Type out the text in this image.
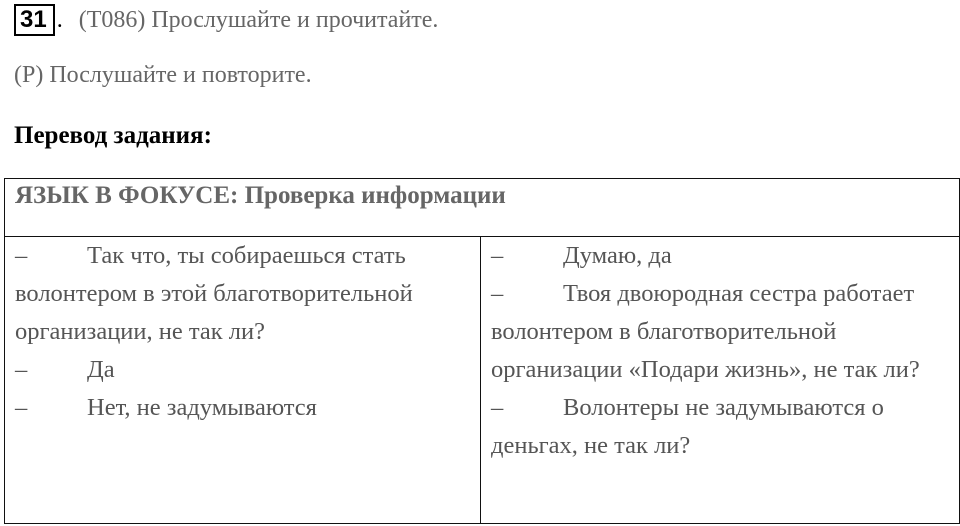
31 . (Т086) Прослушайте и прочитайте.
(Р) Послушайте и повторите.
Перевод задания:
ЯЗЫК В ФОКУСЕ: Проверка информации

– Так что, ты собираешься стать волонтером в этой благотворительной организации, не так ли?

– Да

– Нет, не задумываются

– Думаю, да

– Твоя двоюродная сестра работает волонтером в благотворительной организации «Подари жизнь», не так ли?

– Волонтеры не задумываются о деньгах, не так ли?
